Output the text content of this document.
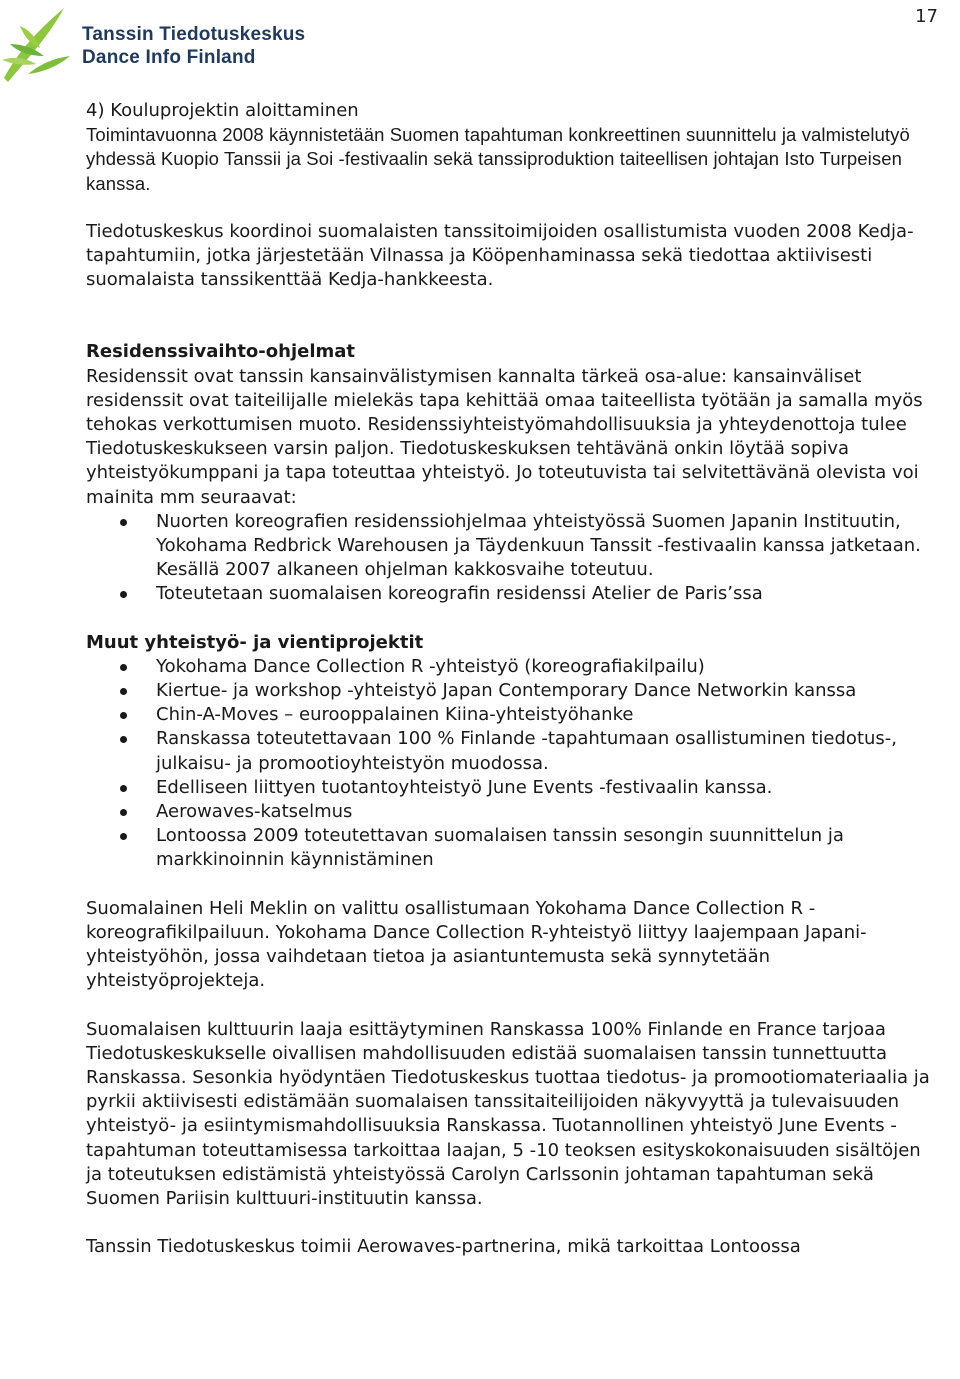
Tanssin Tiedotuskeskus
Dance Info Finland
17

4) Kouluprojektin aloittaminen

Toimintavuonna 2008 käynnistetään Suomen tapahtuman konkreettinen suunnittelu ja valmistelutyö yhdessä Kuopio Tanssii ja Soi -festivaalin sekä tanssiproduktion taiteellisen johtajan Isto Turpeisen kanssa.

Tiedotuskeskus koordinoi suomalaisten tanssitoimijoiden osallistumista vuoden 2008 Kedja-tapahtumiin, jotka järjestetään Vilnassa ja Kööpenhaminassa sekä tiedottaa aktiivisesti suomalaista tanssikenttää Kedja-hankkeesta.

Residenssivaihto-ohjelmat

Residenssit ovat tanssin kansainvälistymisen kannalta tärkeä osa-alue: kansainväliset residenssit ovat taiteilijalle mielekäs tapa kehittää omaa taiteellista työtään ja samalla myös tehokas verkottumisen muoto. Residenssiyhteistyömahdollisuuksia ja yhteydenottoja tulee Tiedotuskeskukseen varsin paljon. Tiedotuskeskuksen tehtävänä onkin löytää sopiva yhteistyökumppani ja tapa toteuttaa yhteistyö. Jo toteutuvista tai selvitettävänä olevista voi mainita mm seuraavat:

Nuorten koreografien residenssiohjelmaa yhteistyössä Suomen Japanin Instituutin, Yokohama Redbrick Warehousen ja Täydenkuun Tanssit -festivaalin kanssa jatketaan. Kesällä 2007 alkaneen ohjelman kakkosvaihe toteutuu.
Toteutetaan suomalaisen koreografin residenssi Atelier de Paris’ssa

Muut yhteistyö- ja vientiprojektit

Yokohama Dance Collection R -yhteistyö (koreografiakilpailu)
Kiertue- ja workshop -yhteistyö Japan Contemporary Dance Networkin kanssa
Chin-A-Moves – eurooppalainen Kiina-yhteistyöhanke
Ranskassa toteutettavaan 100 % Finlande -tapahtumaan osallistuminen tiedotus-, julkaisu- ja promootioyhteistyön muodossa.
Edelliseen liittyen tuotantoyhteistyö June Events -festivaalin kanssa.
Aerowaves-katselmus
Lontoossa 2009 toteutettavan suomalaisen tanssin sesongin suunnittelun ja markkinoinnin käynnistäminen

Suomalainen Heli Meklin on valittu osallistumaan Yokohama Dance Collection R -koreografikilpailuun. Yokohama Dance Collection R-yhteistyö liittyy laajempaan Japani-yhteistyöhön, jossa vaihdetaan tietoa ja asiantuntemusta sekä synnytetään yhteistyöprojekteja.

Suomalaisen kulttuurin laaja esittäytyminen Ranskassa 100% Finlande en France tarjoaa Tiedotuskeskukselle oivallisen mahdollisuuden edistää suomalaisen tanssin tunnettuutta Ranskassa. Sesonkia hyödyntäen Tiedotuskeskus tuottaa tiedotus- ja promootiomateriaalia ja pyrkii aktiivisesti edistämään suomalaisen tanssitaiteilijoiden näkyvyyttä ja tulevaisuuden yhteistyö- ja esiintymismahdollisuuksia Ranskassa. Tuotannollinen yhteistyö June Events -tapahtuman toteuttamisessa tarkoittaa laajan, 5 -10 teoksen esityskokonaisuuden sisältöjen ja toteutuksen edistämistä yhteistyössä Carolyn Carlssonin johtaman tapahtuman sekä Suomen Pariisin kulttuuri-instituutin kanssa.

Tanssin Tiedotuskeskus toimii Aerowaves-partnerina, mikä tarkoittaa Lontoossa
